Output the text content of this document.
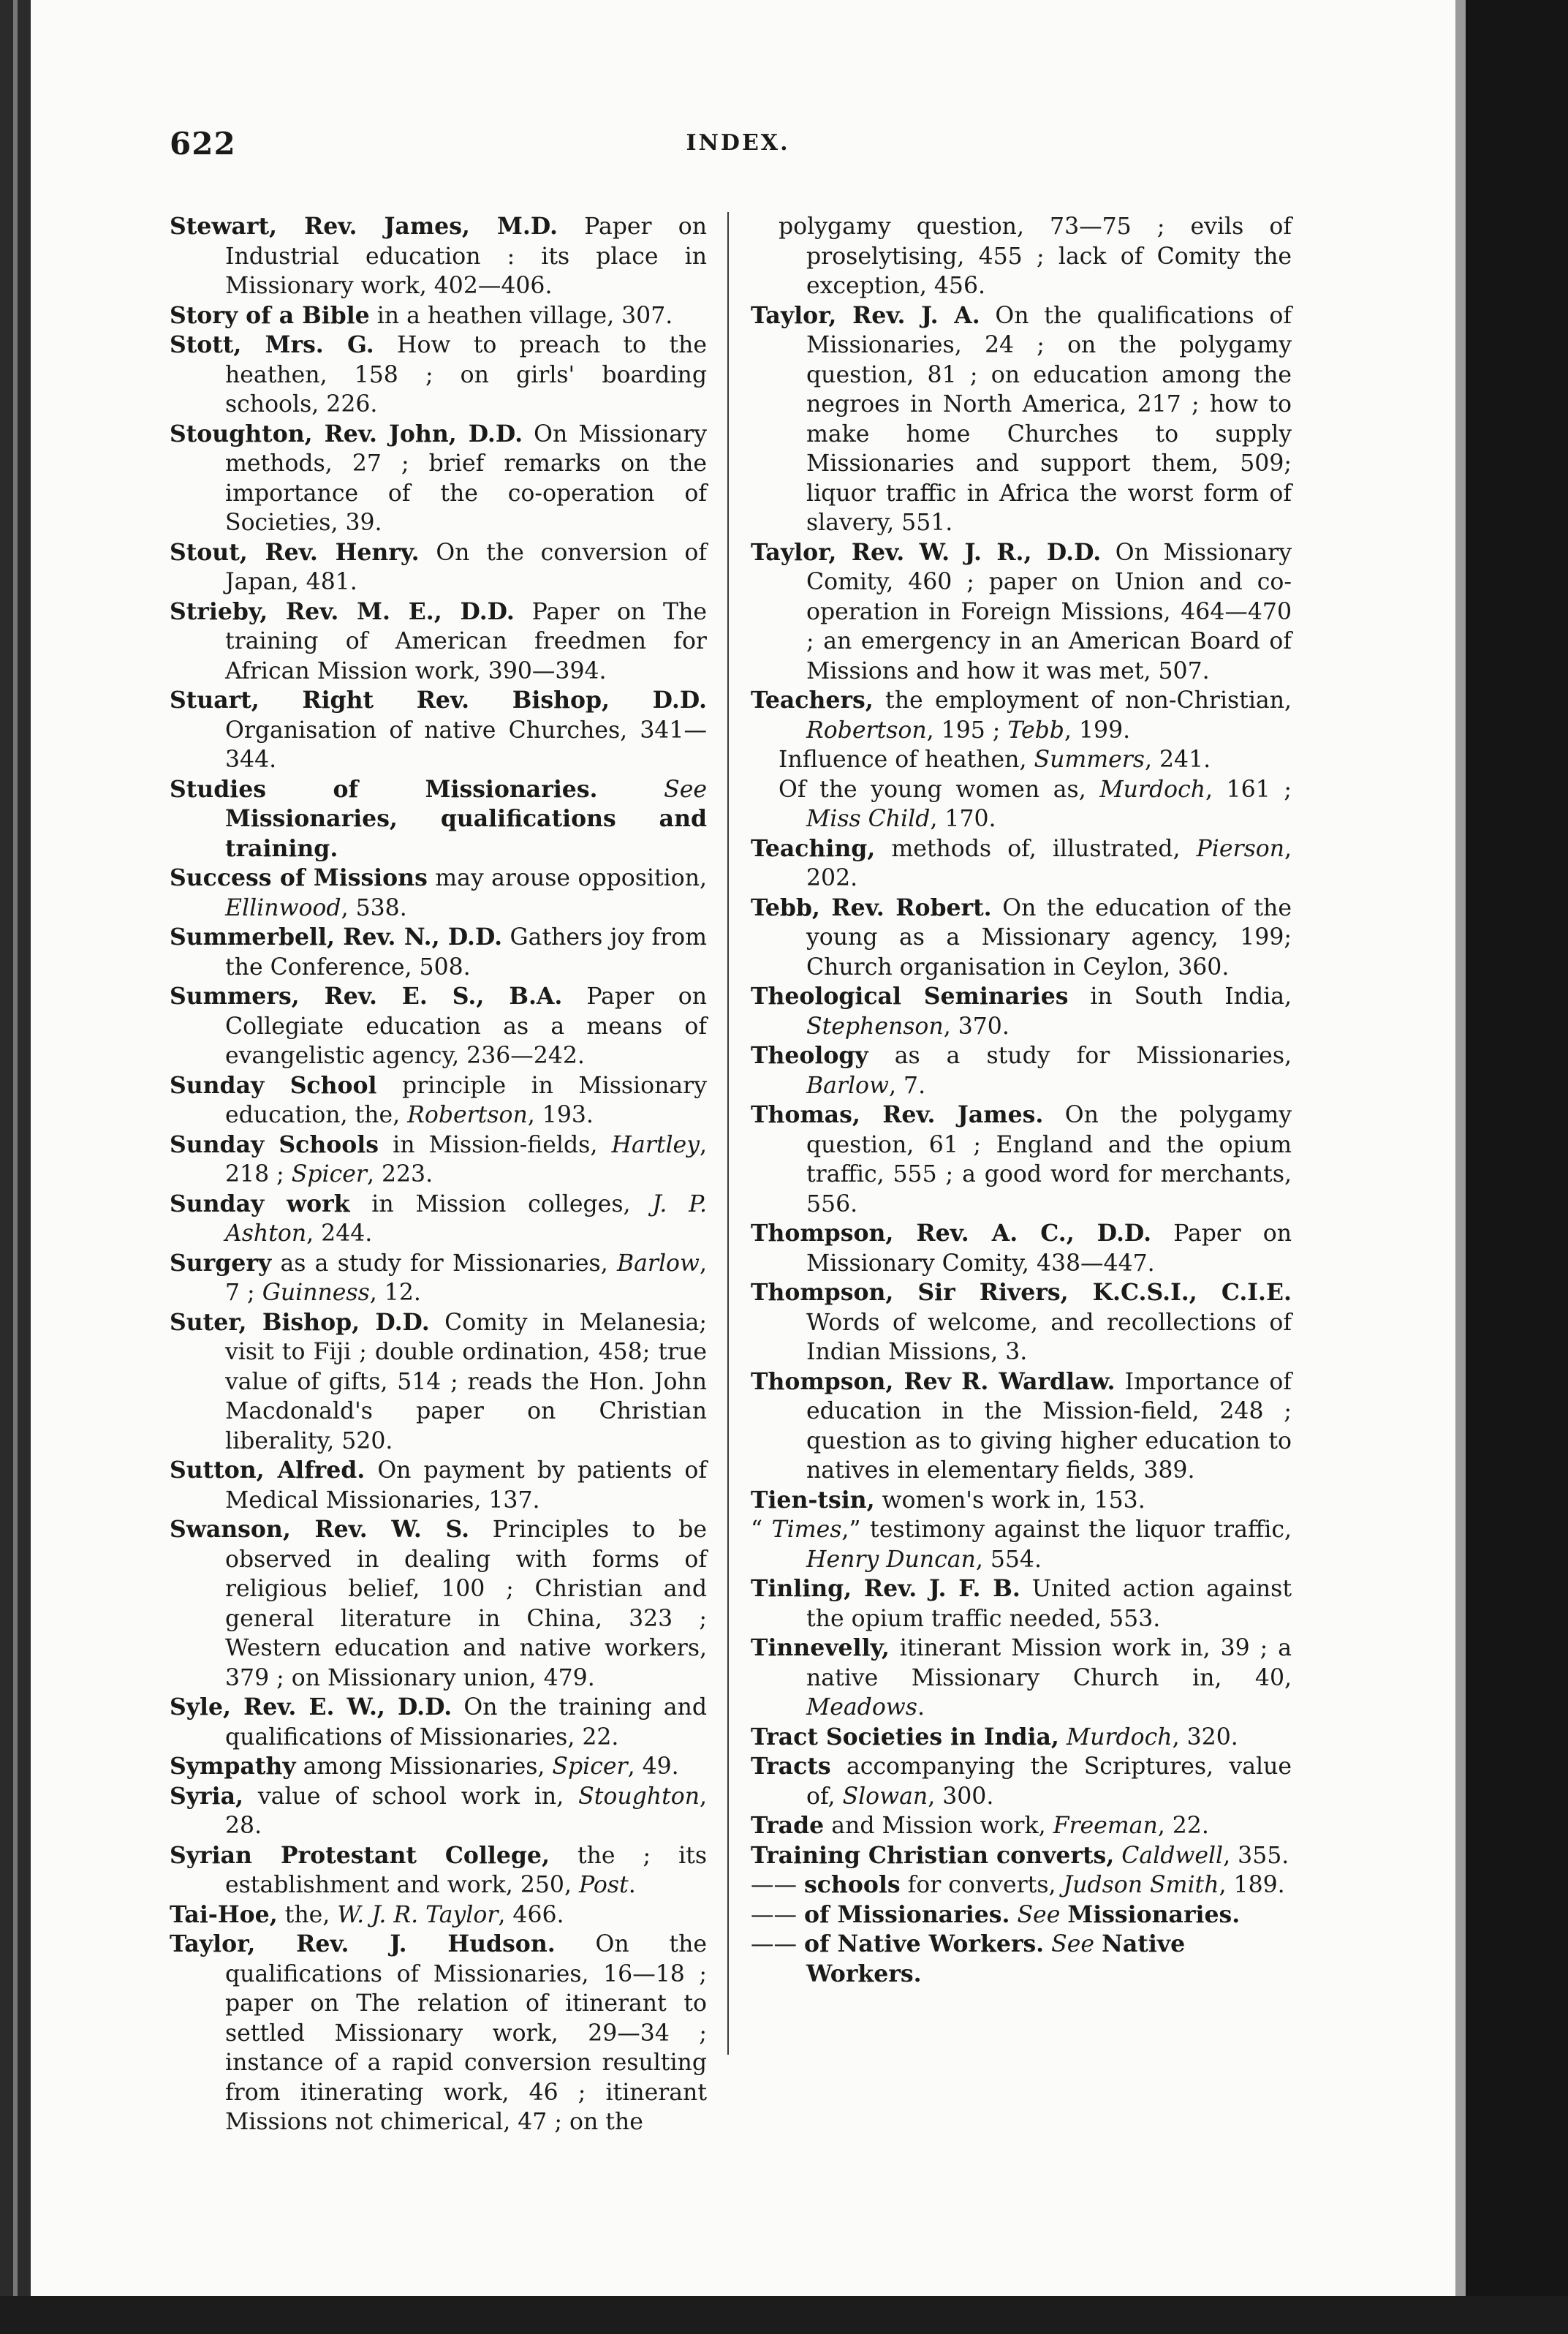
622	INDEX.

Stewart, Rev. James, M.D. Paper on Industrial education : its place in Missionary work, 402—406.

Story of a Bible in a heathen village, 307.

Stott, Mrs. G. How to preach to the heathen, 158 ; on girls' boarding schools, 226.

Stoughton, Rev. John, D.D. On Missionary methods, 27 ; brief remarks on the importance of the co-operation of Societies, 39.

Stout, Rev. Henry. On the conversion of Japan, 481.

Strieby, Rev. M. E., D.D. Paper on The training of American freedmen for African Mission work, 390—394.

Stuart, Right Rev. Bishop, D.D. Organisation of native Churches, 341—344.

Studies of Missionaries.	See Missionaries, qualifications and training.

Success of Missions may arouse opposition, Ellinwood, 538.

Summerbell, Rev. N., D.D. Gathers joy from the Conference, 508.

Summers, Rev. E. S., B.A. Paper on Collegiate education as a means of evangelistic agency, 236—242.

Sunday School principle in Missionary education, the, Robertson, 193.

Sunday Schools in Mission-fields, Hartley, 218 ; Spicer, 223.

Sunday work in Mission colleges, J. P. Ashton, 244.

Surgery as a study for Missionaries, Barlow, 7 ; Guinness, 12.

Suter, Bishop, D.D. Comity in Melanesia; visit to Fiji ; double ordination, 458; true value of gifts, 514 ; reads the Hon. John Macdonald's paper on Christian liberality, 520.

Sutton, Alfred. On payment by patients of Medical Missionaries, 137.

Swanson, Rev. W. S. Principles to be observed in dealing with forms of religious belief, 100 ; Christian and general literature in China, 323 ; Western education and native workers, 379 ; on Missionary union, 479.

Syle, Rev. E. W., D.D. On the training and qualifications of Missionaries, 22.

Sympathy among Missionaries, Spicer, 49.

Syria, value of school work in, Stoughton, 28.

Syrian Protestant College, the ; its establishment and work, 250, Post.

Tai-Hoe, the, W. J. R. Taylor, 466.

Taylor, Rev. J. Hudson. On the qualifications of Missionaries, 16—18 ; paper on The relation of itinerant to settled Missionary work, 29—34 ; instance of a rapid conversion resulting from itinerating work, 46 ; itinerant Missions not chimerical, 47 ; on the

polygamy question, 73—75 ; evils of proselytising, 455 ; lack of Comity the exception, 456.

Taylor, Rev. J. A. On the qualifications of Missionaries, 24 ; on the polygamy question, 81 ; on education among the negroes in North America, 217 ; how to make home Churches to supply Missionaries and support them, 509; liquor traffic in Africa the worst form of slavery, 551.

Taylor, Rev. W. J. R., D.D. On Missionary Comity, 460 ; paper on Union and co-operation in Foreign Missions, 464—470 ; an emergency in an American Board of Missions and how it was met, 507.

Teachers, the employment of non-Christian, Robertson, 195 ; Tebb, 199.

Influence of heathen, Summers, 241.

Of the young women as, Murdoch, 161 ; Miss Child, 170.

Teaching, methods of, illustrated, Pierson, 202.

Tebb, Rev. Robert. On the education of the young as a Missionary agency, 199; Church organisation in Ceylon, 360.

Theological Seminaries in South India, Stephenson, 370.

Theology as a study for Missionaries, Barlow, 7.

Thomas, Rev. James. On the polygamy question, 61 ; England and the opium traffic, 555 ; a good word for merchants, 556.

Thompson, Rev. A. C., D.D. Paper on Missionary Comity, 438—447.

Thompson, Sir Rivers, K.C.S.I., C.I.E. Words of welcome, and recollections of Indian Missions, 3.

Thompson, Rev R. Wardlaw. Importance of education in the Mission-field, 248 ; question as to giving higher education to natives in elementary fields, 389.

Tien-tsin, women's work in, 153.

“ Times,” testimony against the liquor traffic, Henry Duncan, 554.

Tinling, Rev. J. F. B. United action against the opium traffic needed, 553.

Tinnevelly, itinerant Mission work in, 39 ; a native Missionary Church in, 40, Meadows.

Tract Societies in India, Murdoch, 320.

Tracts accompanying the Scriptures, value of, Slowan, 300.

Trade and Mission work, Freeman, 22.

Training Christian converts, Caldwell, 355.

—— schools for converts, Judson Smith, 189.

—— of Missionaries. See Missionaries.

—— of Native Workers. See Native Workers.
